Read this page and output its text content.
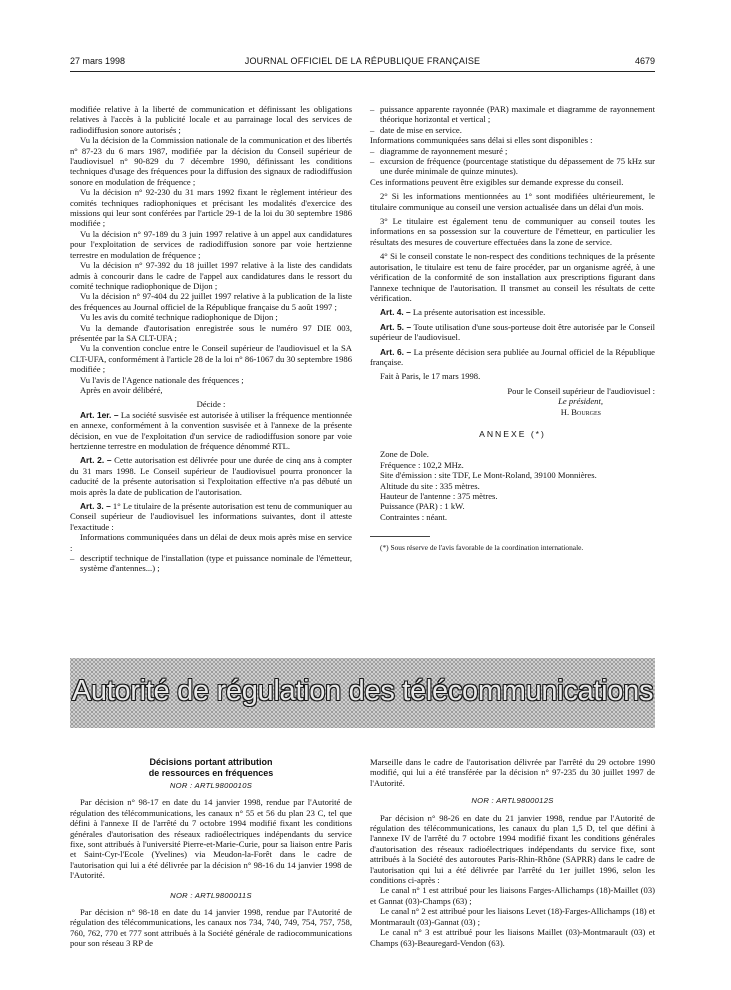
27 mars 1998	JOURNAL OFFICIEL DE LA RÉPUBLIQUE FRANÇAISE	4679

modifiée relative à la liberté de communication et définissant les obligations relatives à l'accès à la publicité locale et au parrainage local des services de radiodiffusion sonore autorisés ;

Vu la décision de la Commission nationale de la communication et des libertés n° 87-23 du 6 mars 1987, modifiée par la décision du Conseil supérieur de l'audiovisuel n° 90-829 du 7 décembre 1990, définissant les conditions techniques d'usage des fréquences pour la diffusion des signaux de radiodiffusion sonore en modulation de fréquence ;

Vu la décision n° 92-230 du 31 mars 1992 fixant le règlement intérieur des comités techniques radiophoniques et précisant les modalités d'exercice des missions qui leur sont conférées par l'article 29-1 de la loi du 30 septembre 1986 modifiée ;

Vu la décision n° 97-189 du 3 juin 1997 relative à un appel aux candidatures pour l'exploitation de services de radiodiffusion sonore par voie hertzienne terrestre en modulation de fréquence ;

Vu la décision n° 97-392 du 18 juillet 1997 relative à la liste des candidats admis à concourir dans le cadre de l'appel aux candidatures dans le ressort du comité technique radiophonique de Dijon ;

Vu la décision n° 97-404 du 22 juillet 1997 relative à la publication de la liste des fréquences au Journal officiel de la République française du 5 août 1997 ;

Vu les avis du comité technique radiophonique de Dijon ;

Vu la demande d'autorisation enregistrée sous le numéro 97 DIE 003, présentée par la SA CLT-UFA ;

Vu la convention conclue entre le Conseil supérieur de l'audiovisuel et la SA CLT-UFA, conformément à l'article 28 de la loi n° 86-1067 du 30 septembre 1986 modifiée ;

Vu l'avis de l'Agence nationale des fréquences ;

Après en avoir délibéré,

Décide :

Art. 1er. – La société susvisée est autorisée à utiliser la fréquence mentionnée en annexe, conformément à la convention susvisée et à l'annexe de la présente décision, en vue de l'exploitation d'un service de radiodiffusion sonore par voie hertzienne terrestre en modulation de fréquence dénommé RTL.

Art. 2. – Cette autorisation est délivrée pour une durée de cinq ans à compter du 31 mars 1998. Le Conseil supérieur de l'audiovisuel pourra prononcer la caducité de la présente autorisation si l'exploitation effective n'a pas débuté un mois après la date de publication de l'autorisation.

Art. 3. – 1° Le titulaire de la présente autorisation est tenu de communiquer au Conseil supérieur de l'audiovisuel les informations suivantes, dont il atteste l'exactitude :

Informations communiquées dans un délai de deux mois après mise en service :

– descriptif technique de l'installation (type et puissance nominale de l'émetteur, système d'antennes...) ;

– puissance apparente rayonnée (PAR) maximale et diagramme de rayonnement théorique horizontal et vertical ;

– date de mise en service.

Informations communiquées sans délai si elles sont disponibles :

– diagramme de rayonnement mesuré ;

– excursion de fréquence (pourcentage statistique du dépassement de 75 kHz sur une durée minimale de quinze minutes).

Ces informations peuvent être exigibles sur demande expresse du conseil.

2° Si les informations mentionnées au 1° sont modifiées ultérieurement, le titulaire communique au conseil une version actualisée dans un délai d'un mois.

3° Le titulaire est également tenu de communiquer au conseil toutes les informations en sa possession sur la couverture de l'émetteur, en particulier les résultats des mesures de couverture effectuées dans la zone de service.

4° Si le conseil constate le non-respect des conditions techniques de la présente autorisation, le titulaire est tenu de faire procéder, par un organisme agréé, à une vérification de la conformité de son installation aux prescriptions figurant dans l'annexe technique de l'autorisation. Il transmet au conseil les résultats de cette vérification.

Art. 4. – La présente autorisation est incessible.

Art. 5. – Toute utilisation d'une sous-porteuse doit être autorisée par le Conseil supérieur de l'audiovisuel.

Art. 6. – La présente décision sera publiée au Journal officiel de la République française.

Fait à Paris, le 17 mars 1998.

Pour le Conseil supérieur de l'audiovisuel :

Le président,

H. Bourges

ANNEXE (*)

Zone de Dole.

Fréquence : 102,2 MHz.

Site d'émission : site TDF, Le Mont-Roland, 39100 Monnières.

Altitude du site : 335 mètres.

Hauteur de l'antenne : 375 mètres.

Puissance (PAR) : 1 kW.

Contraintes : néant.

(*) Sous réserve de l'avis favorable de la coordination internationale.

Autorité de régulation des télécommunications
Décisions portant attribution
de ressources en fréquences
NOR : ARTL9800010S

Par décision n° 98-17 en date du 14 janvier 1998, rendue par l'Autorité de régulation des télécommunications, les canaux n° 55 et 56 du plan 23 C, tel que défini à l'annexe II de l'arrêté du 7 octobre 1994 modifié fixant les conditions générales d'autorisation des réseaux radioélectriques indépendants du service fixe, sont attribués à l'université Pierre-et-Marie-Curie, pour sa liaison entre Paris et Saint-Cyr-l'Ecole (Yvelines) via Meudon-la-Forêt dans le cadre de l'autorisation qui lui a été délivrée par la décision n° 98-16 du 14 janvier 1998 de l'Autorité.

NOR : ARTL9800011S

Par décision n° 98-18 en date du 14 janvier 1998, rendue par l'Autorité de régulation des télécommunications, les canaux nos 734, 740, 749, 754, 757, 758, 760, 762, 770 et 777 sont attribués à la Société générale de radiocommunications pour son réseau 3 RP de

Marseille dans le cadre de l'autorisation délivrée par l'arrêté du 29 octobre 1990 modifié, qui lui a été transférée par la décision n° 97-235 du 30 juillet 1997 de l'Autorité.

NOR : ARTL9800012S

Par décision n° 98-26 en date du 21 janvier 1998, rendue par l'Autorité de régulation des télécommunications, les canaux du plan 1,5 D, tel que défini à l'annexe IV de l'arrêté du 7 octobre 1994 modifié fixant les conditions générales d'autorisation des réseaux radioélectriques indépendants du service fixe, sont attribués à la Société des autoroutes Paris-Rhin-Rhône (SAPRR) dans le cadre de l'autorisation qui lui a été délivrée par l'arrêté du 1er juillet 1996, selon les conditions ci-après :

Le canal n° 1 est attribué pour les liaisons Farges-Allichamps (18)-Maillet (03) et Gannat (03)-Champs (63) ;

Le canal n° 2 est attribué pour les liaisons Levet (18)-Farges-Allichamps (18) et Montmarault (03)-Gannat (03) ;

Le canal n° 3 est attribué pour les liaisons Maillet (03)-Montmarault (03) et Champs (63)-Beauregard-Vendon (63).
